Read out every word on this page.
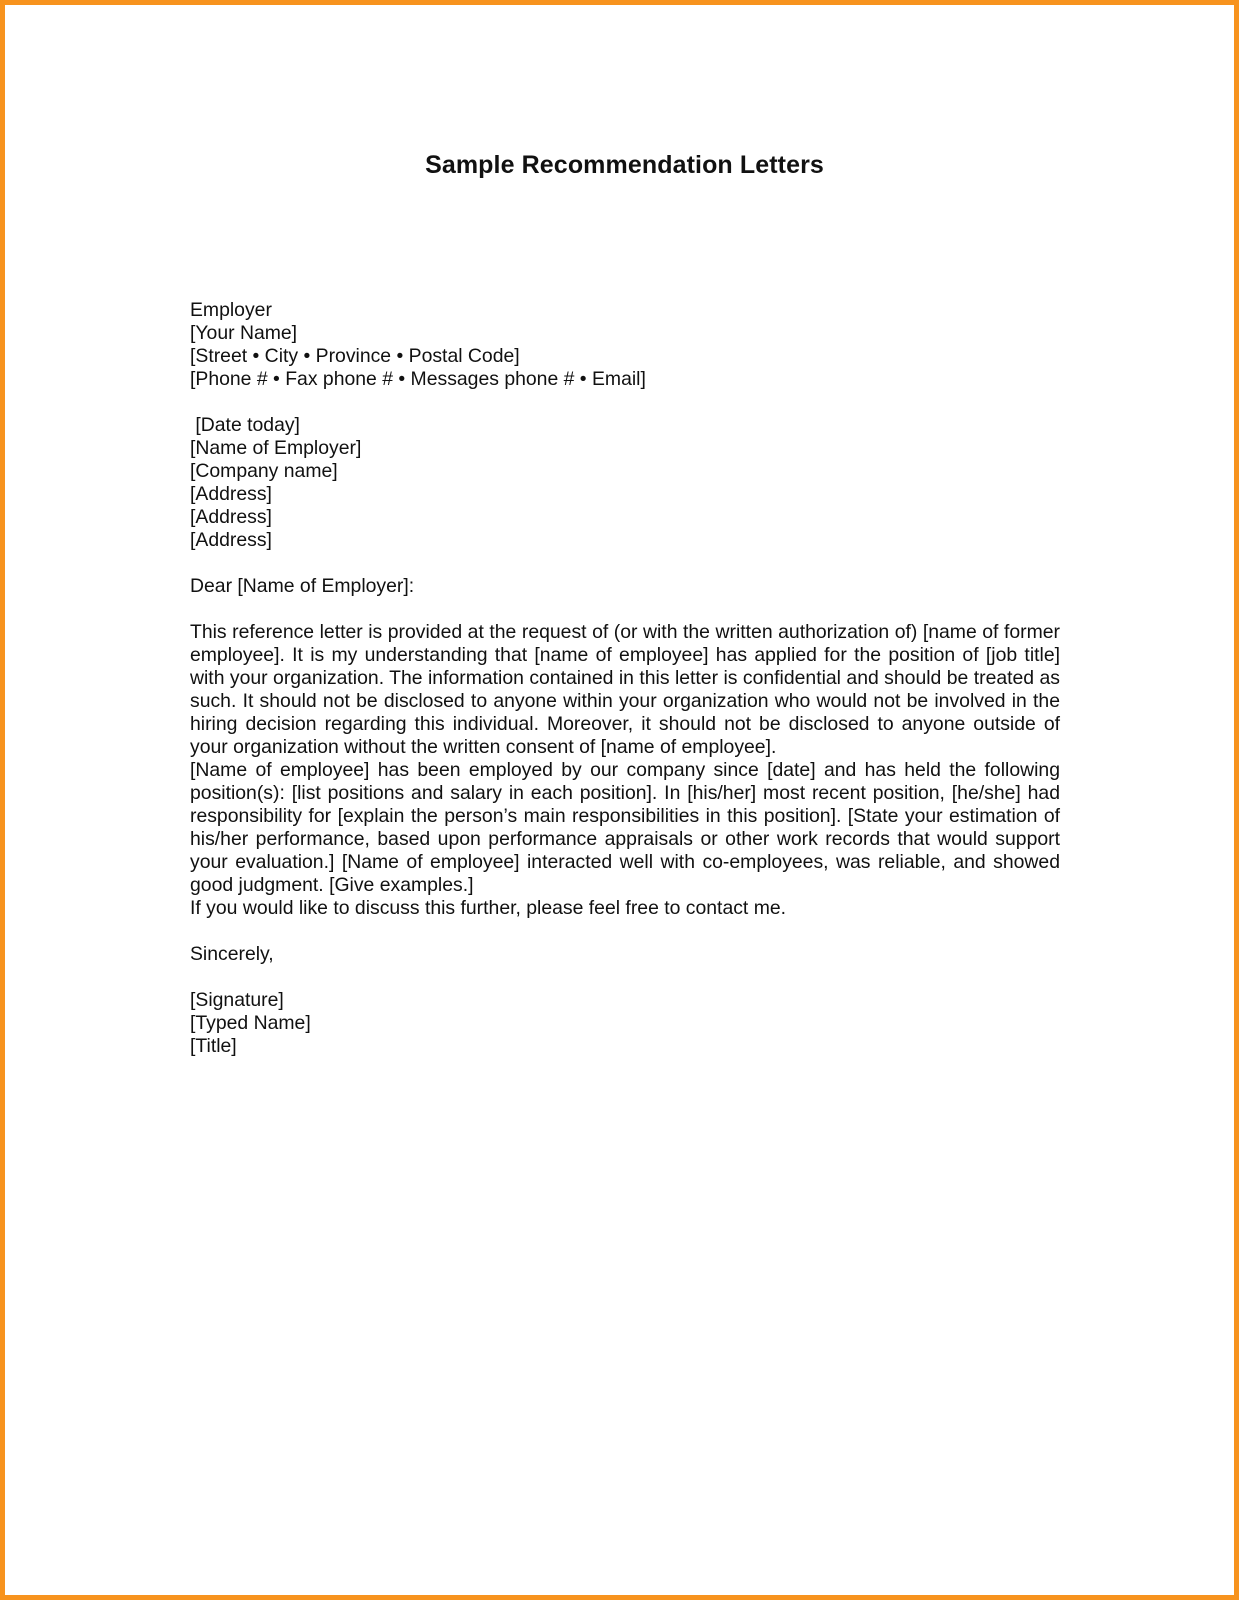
Sample Recommendation Letters
Employer
[Your Name]
[Street • City • Province • Postal Code]
[Phone # • Fax phone # • Messages phone # • Email]
[Date today]
[Name of Employer]
[Company name]
[Address]
[Address]
[Address]
Dear [Name of Employer]:

This reference letter is provided at the request of (or with the written authorization of) [name of former employee]. It is my understanding that [name of employee] has applied for the position of [job title] with your organization. The information contained in this letter is confidential and should be treated as such. It should not be disclosed to anyone within your organization who would not be involved in the hiring decision regarding this individual. Moreover, it should not be disclosed to anyone outside of your organization without the written consent of [name of employee].

[Name of employee] has been employed by our company since [date] and has held the following position(s): [list positions and salary in each position]. In [his/her] most recent position, [he/she] had responsibility for [explain the person’s main responsibilities in this position]. [State your estimation of his/her performance, based upon performance appraisals or other work records that would support your evaluation.] [Name of employee] interacted well with co-employees, was reliable, and showed good judgment. [Give examples.]

If you would like to discuss this further, please feel free to contact me.

Sincerely,
[Signature]
[Typed Name]
[Title]
